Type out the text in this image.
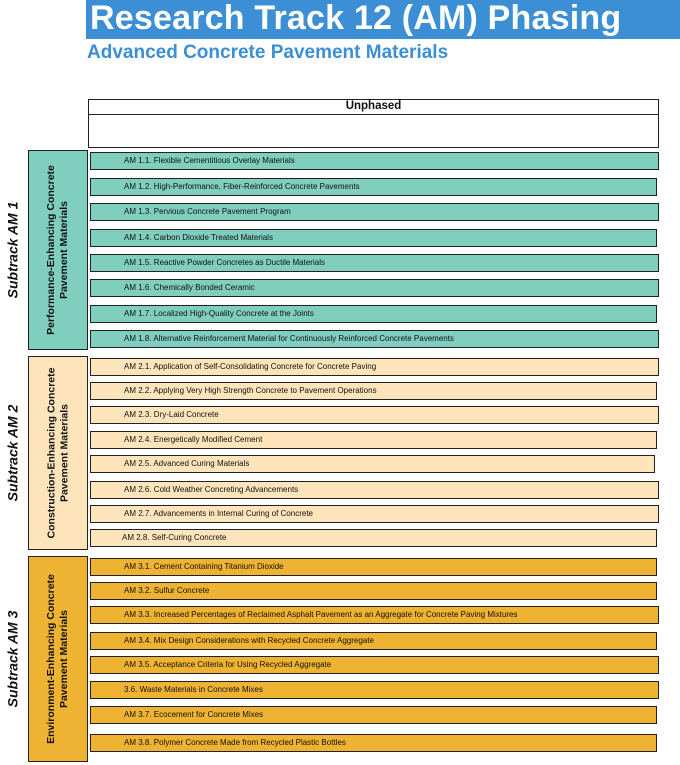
Research Track 12 (AM) Phasing
Advanced Concrete Pavement Materials
Unphased
Subtrack AM 1 Performance-Enhancing Concrete Pavement Materials
AM 1.1. Flexible Cementitious Overlay Materials
AM 1.2. High-Performance, Fiber-Reinforced Concrete Pavements
AM 1.3. Pervious Concrete Pavement Program
AM 1.4. Carbon Dioxide Treated Materials
AM 1.5. Reactive Powder Concretes as Ductile Materials
AM 1.6. Chemically Bonded Ceramic
AM 1.7. Localized High-Quality Concrete at the Joints
AM 1.8. Alternative Reinforcement Material for Continuously Reinforced Concrete Pavements
Subtrack AM 2 Construction-Enhancing Concrete Pavement Materials
AM 2.1. Application of Self-Consolidating Concrete for Concrete Paving
AM 2.2. Applying Very High Strength Concrete to Pavement Operations
AM 2.3. Dry-Laid Concrete
AM 2.4. Energetically Modified Cement
AM 2.5. Advanced Curing Materials
AM 2.6. Cold Weather Concreting Advancements
AM 2.7. Advancements in Internal Curing of Concrete
AM 2.8. Self-Curing Concrete
Subtrack AM 3 Environment-Enhancing Concrete Pavement Materials
AM 3.1. Cement Containing Titanium Dioxide
AM 3.2. Sulfur Concrete
AM 3.3. Increased Percentages of Reclaimed Asphalt Pavement as an Aggregate for Concrete Paving Mixtures
AM 3.4. Mix Design Considerations with Recycled Concrete Aggregate
AM 3.5. Acceptance Criteria for Using Recycled Aggregate
3.6. Waste Materials in Concrete Mixes
AM 3.7. Ecocement for Concrete Mixes
AM 3.8. Polymer Concrete Made from Recycled Plastic Bottles
